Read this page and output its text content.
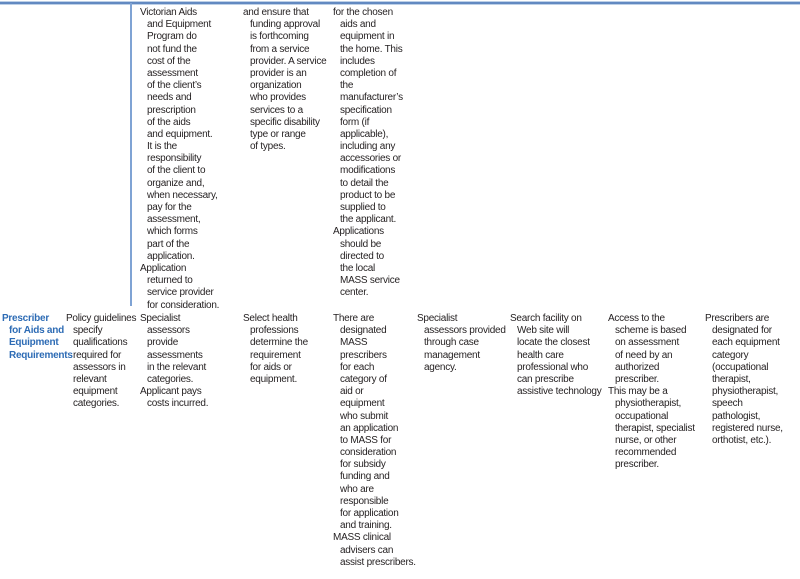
Victorian Aids
and Equipment
Program do
not fund the
cost of the
assessment
of the client’s
needs and
prescription
of the aids
and equipment.
It is the
responsibility
of the client to
organize and,
when necessary,
pay for the
assessment,
which forms
part of the
application.
Application
returned to
service provider
for consideration.
and ensure that
funding approval
is forthcoming
from a service
provider. A service
provider is an
organization
who provides
services to a
specific disability
type or range
of types.
for the chosen
aids and
equipment in
the home. This
includes
completion of
the
manufacturer’s
specification
form (if
applicable),
including any
accessories or
modifications
to detail the
product to be
supplied to
the applicant.
Applications
should be
directed to
the local
MASS service
center.
Prescriber
for Aids and
Equipment
Requirements
Policy guidelines
specify
qualifications
required for
assessors in
relevant
equipment
categories.
Specialist
assessors
provide
assessments
in the relevant
categories.
Applicant pays
costs incurred.
Select health
professions
determine the
requirement
for aids or
equipment.
There are
designated
MASS
prescribers
for each
category of
aid or
equipment
who submit
an application
to MASS for
consideration
for subsidy
funding and
who are
responsible
for application
and training.
MASS clinical
advisers can
assist prescribers.
Specialist
assessors provided
through case
management
agency.
Search facility on
Web site will
locate the closest
health care
professional who
can prescribe
assistive technology
Access to the
scheme is based
on assessment
of need by an
authorized
prescriber.
This may be a
physiotherapist,
occupational
therapist, specialist
nurse, or other
recommended
prescriber.
Prescribers are
designated for
each equipment
category
(occupational
therapist,
physiotherapist,
speech
pathologist,
registered nurse,
orthotist, etc.).
